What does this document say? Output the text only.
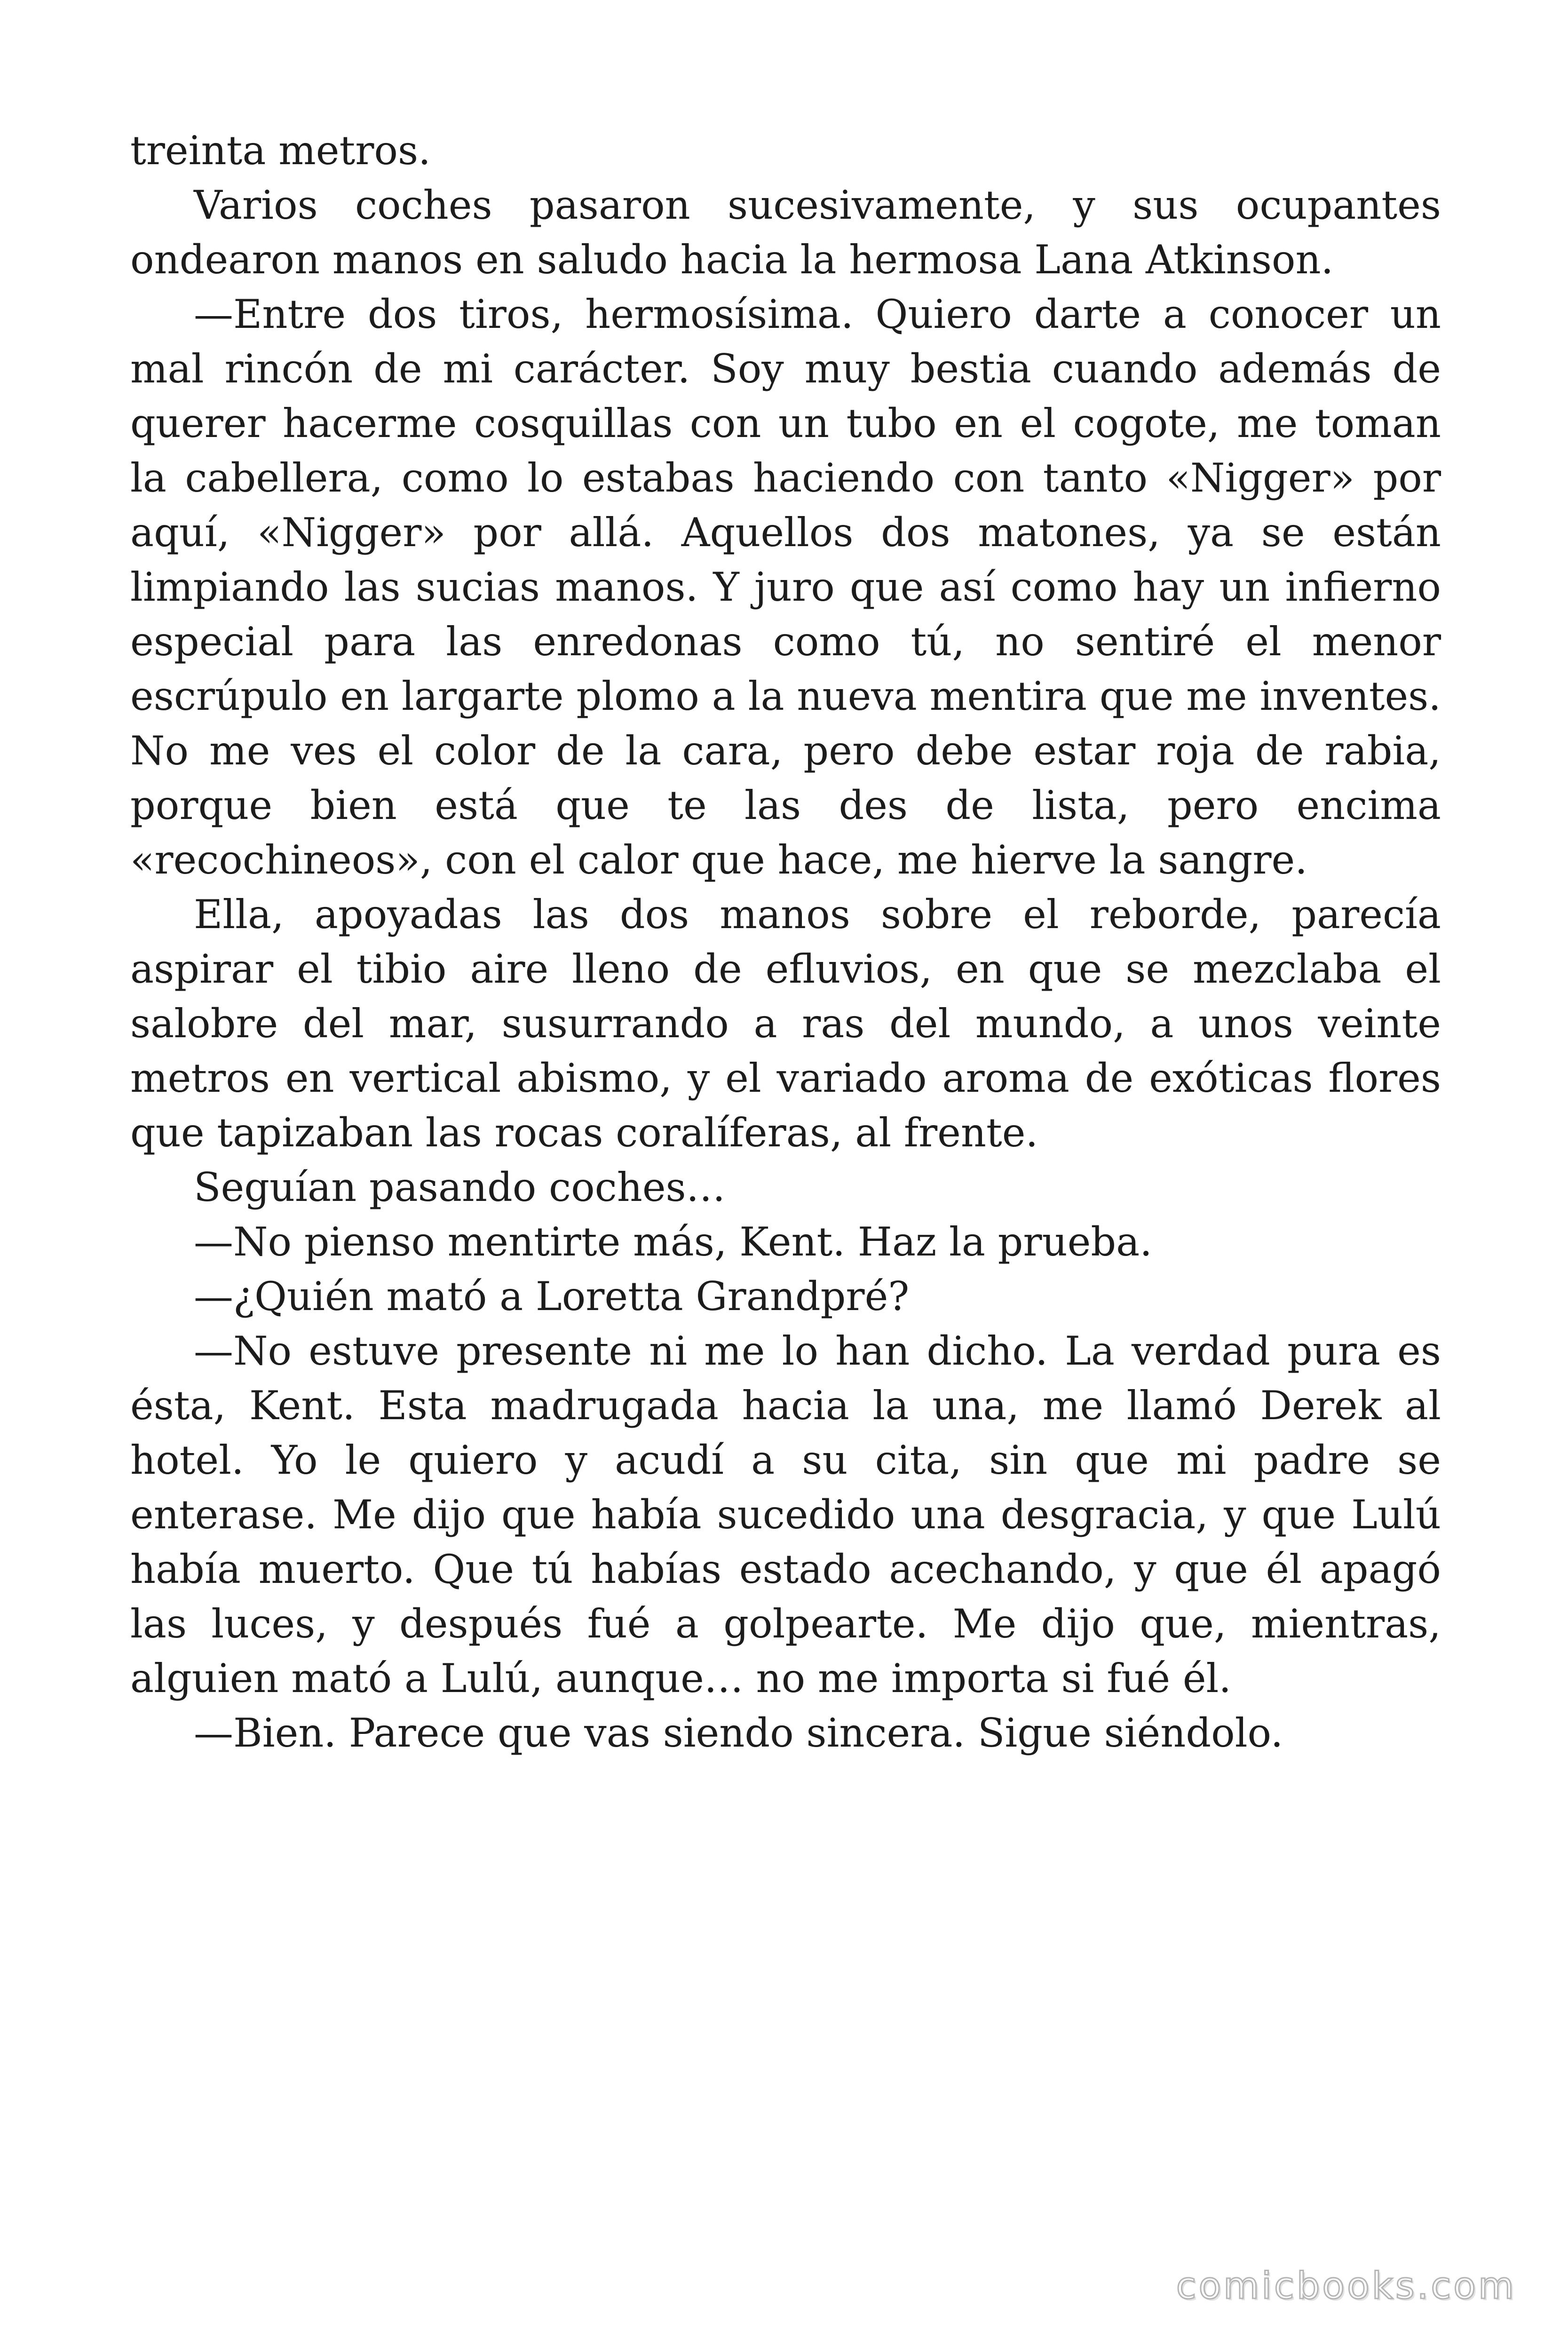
treinta metros.

Varios coches pasaron sucesivamente, y sus ocupantes ondearon manos en saludo hacia la hermosa Lana Atkinson.

—Entre dos tiros, hermosísima. Quiero darte a conocer un mal rincón de mi carácter. Soy muy bestia cuando además de querer hacerme cosquillas con un tubo en el cogote, me toman la cabellera, como lo estabas haciendo con tanto «Nigger» por aquí, «Nigger» por allá. Aquellos dos matones, ya se están limpiando las sucias manos. Y juro que así como hay un infierno especial para las enredonas como tú, no sentiré el menor escrúpulo en largarte plomo a la nueva mentira que me inventes. No me ves el color de la cara, pero debe estar roja de rabia, porque bien está que te las des de lista, pero encima «recochineos», con el calor que hace, me hierve la sangre.

Ella, apoyadas las dos manos sobre el reborde, parecía aspirar el tibio aire lleno de efluvios, en que se mezclaba el salobre del mar, susurrando a ras del mundo, a unos veinte metros en vertical abismo, y el variado aroma de exóticas flores que tapizaban las rocas coralíferas, al frente.

Seguían pasando coches…

—No pienso mentirte más, Kent. Haz la prueba.

—¿Quién mató a Loretta Grandpré?

—No estuve presente ni me lo han dicho. La verdad pura es ésta, Kent. Esta madrugada hacia la una, me llamó Derek al hotel. Yo le quiero y acudí a su cita, sin que mi padre se enterase. Me dijo que había sucedido una desgracia, y que Lulú había muerto. Que tú habías estado acechando, y que él apagó las luces, y después fué a golpearte. Me dijo que, mientras, alguien mató a Lulú, aunque… no me importa si fué él.

—Bien. Parece que vas siendo sincera. Sigue siéndolo.

comicbooks.com
